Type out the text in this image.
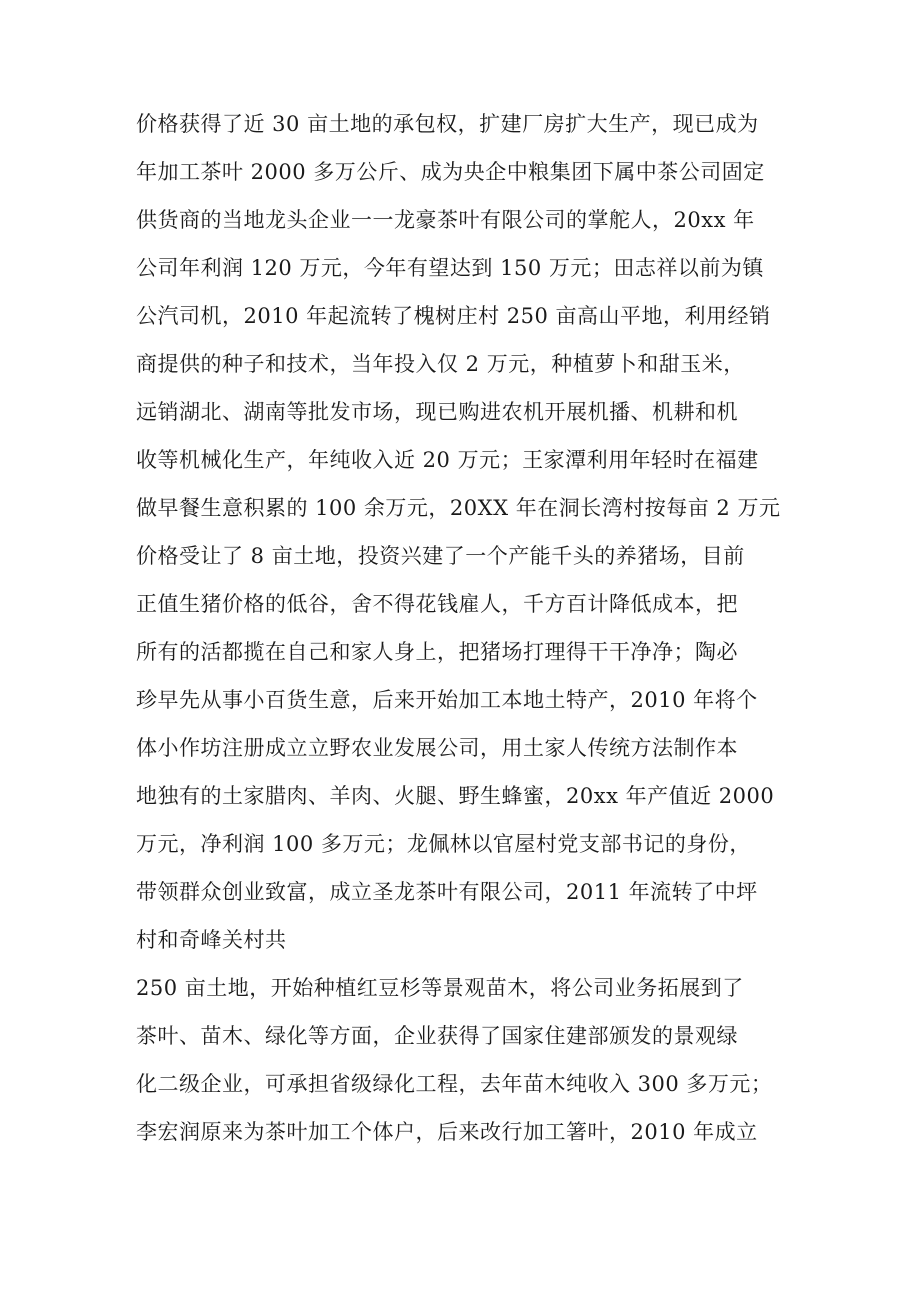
价格获得了近 30 亩土地的承包权，扩建厂房扩大生产，现已成为
年加工茶叶 2000 多万公斤、成为央企中粮集团下属中茶公司固定
供货商的当地龙头企业一一龙豪茶叶有限公司的掌舵人，20xx 年
公司年利润 120 万元，今年有望达到 150 万元；田志祥以前为镇
公汽司机，2010 年起流转了槐树庄村 250 亩高山平地，利用经销
商提供的种子和技术，当年投入仅 2 万元，种植萝卜和甜玉米，
远销湖北、湖南等批发市场，现已购进农机开展机播、机耕和机
收等机械化生产，年纯收入近 20 万元；王家潭利用年轻时在福建
做早餐生意积累的 100 余万元，20XX 年在洞长湾村按每亩 2 万元
价格受让了 8 亩土地，投资兴建了一个产能千头的养猪场，目前
正值生猪价格的低谷，舍不得花钱雇人，千方百计降低成本，把
所有的活都揽在自己和家人身上，把猪场打理得干干净净；陶必
珍早先从事小百货生意，后来开始加工本地土特产，2010 年将个
体小作坊注册成立立野农业发展公司，用土家人传统方法制作本
地独有的土家腊肉、羊肉、火腿、野生蜂蜜，20xx 年产值近 2000
万元，净利润 100 多万元；龙佩林以官屋村党支部书记的身份，
带领群众创业致富，成立圣龙茶叶有限公司，2011 年流转了中坪
村和奇峰关村共
250 亩土地，开始种植红豆杉等景观苗木，将公司业务拓展到了
茶叶、苗木、绿化等方面，企业获得了国家住建部颁发的景观绿
化二级企业，可承担省级绿化工程，去年苗木纯收入 300 多万元；
李宏润原来为茶叶加工个体户，后来改行加工箸叶，2010 年成立
